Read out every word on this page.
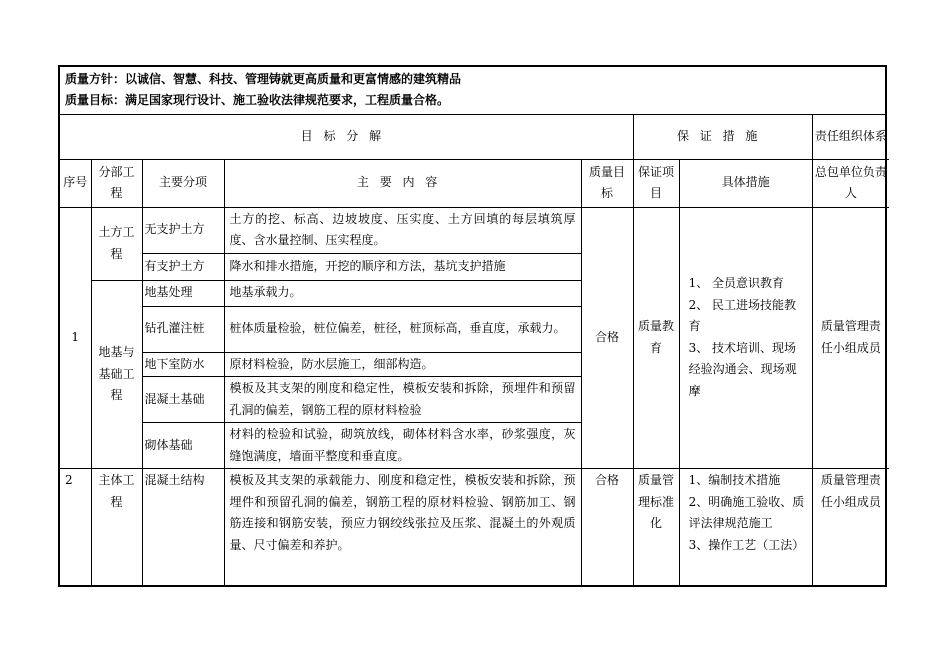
质量方针：以诚信、智慧、科技、管理铸就更高质量和更富情感的建筑精品
质量目标：满足国家现行设计、施工验收法律规范要求，工程质量合格。
目标分解					保证措施		责任组织体系
序号	分部工程	主要分项	主要内容	质量目标	保证项目	具体措施	总包单位负责人
1	土方工程	无支护土方	土方的挖、标高、边坡坡度、压实度、土方回填的每层填筑厚度、含水量控制、压实程度。	合格	质量教育	1、 全员意识教育
2、 民工进场技能教育
3、 技术培训、现场经验沟通会、现场观摩	质量管理责任小组成员
		有支护土方	降水和排水措施，开挖的顺序和方法，基坑支护措施				
	地基与基础工程	地基处理	地基承载力。				
		钻孔灌注桩	桩体质量检验，桩位偏差，桩径，桩顶标高，垂直度，承载力。				
		地下室防水	原材料检验，防水层施工，细部构造。				
		混凝土基础	模板及其支架的刚度和稳定性，模板安装和拆除，预埋件和预留孔洞的偏差，钢筋工程的原材料检验				
		砌体基础	材料的检验和试验，砌筑放线，砌体材料含水率，砂浆强度，灰缝饱满度，墙面平整度和垂直度。				
2	主体工程	混凝土结构	模板及其支架的承载能力、刚度和稳定性，模板安装和拆除，预埋件和预留孔洞的偏差，钢筋工程的原材料检验、钢筋加工、钢筋连接和钢筋安装，预应力钢绞线张拉及压浆、混凝土的外观质量、尺寸偏差和养护。	合格	质量管理标准化	1、编制技术措施
2、明确施工验收、质评法律规范施工
3、操作工艺（工法）	质量管理责任小组成员
